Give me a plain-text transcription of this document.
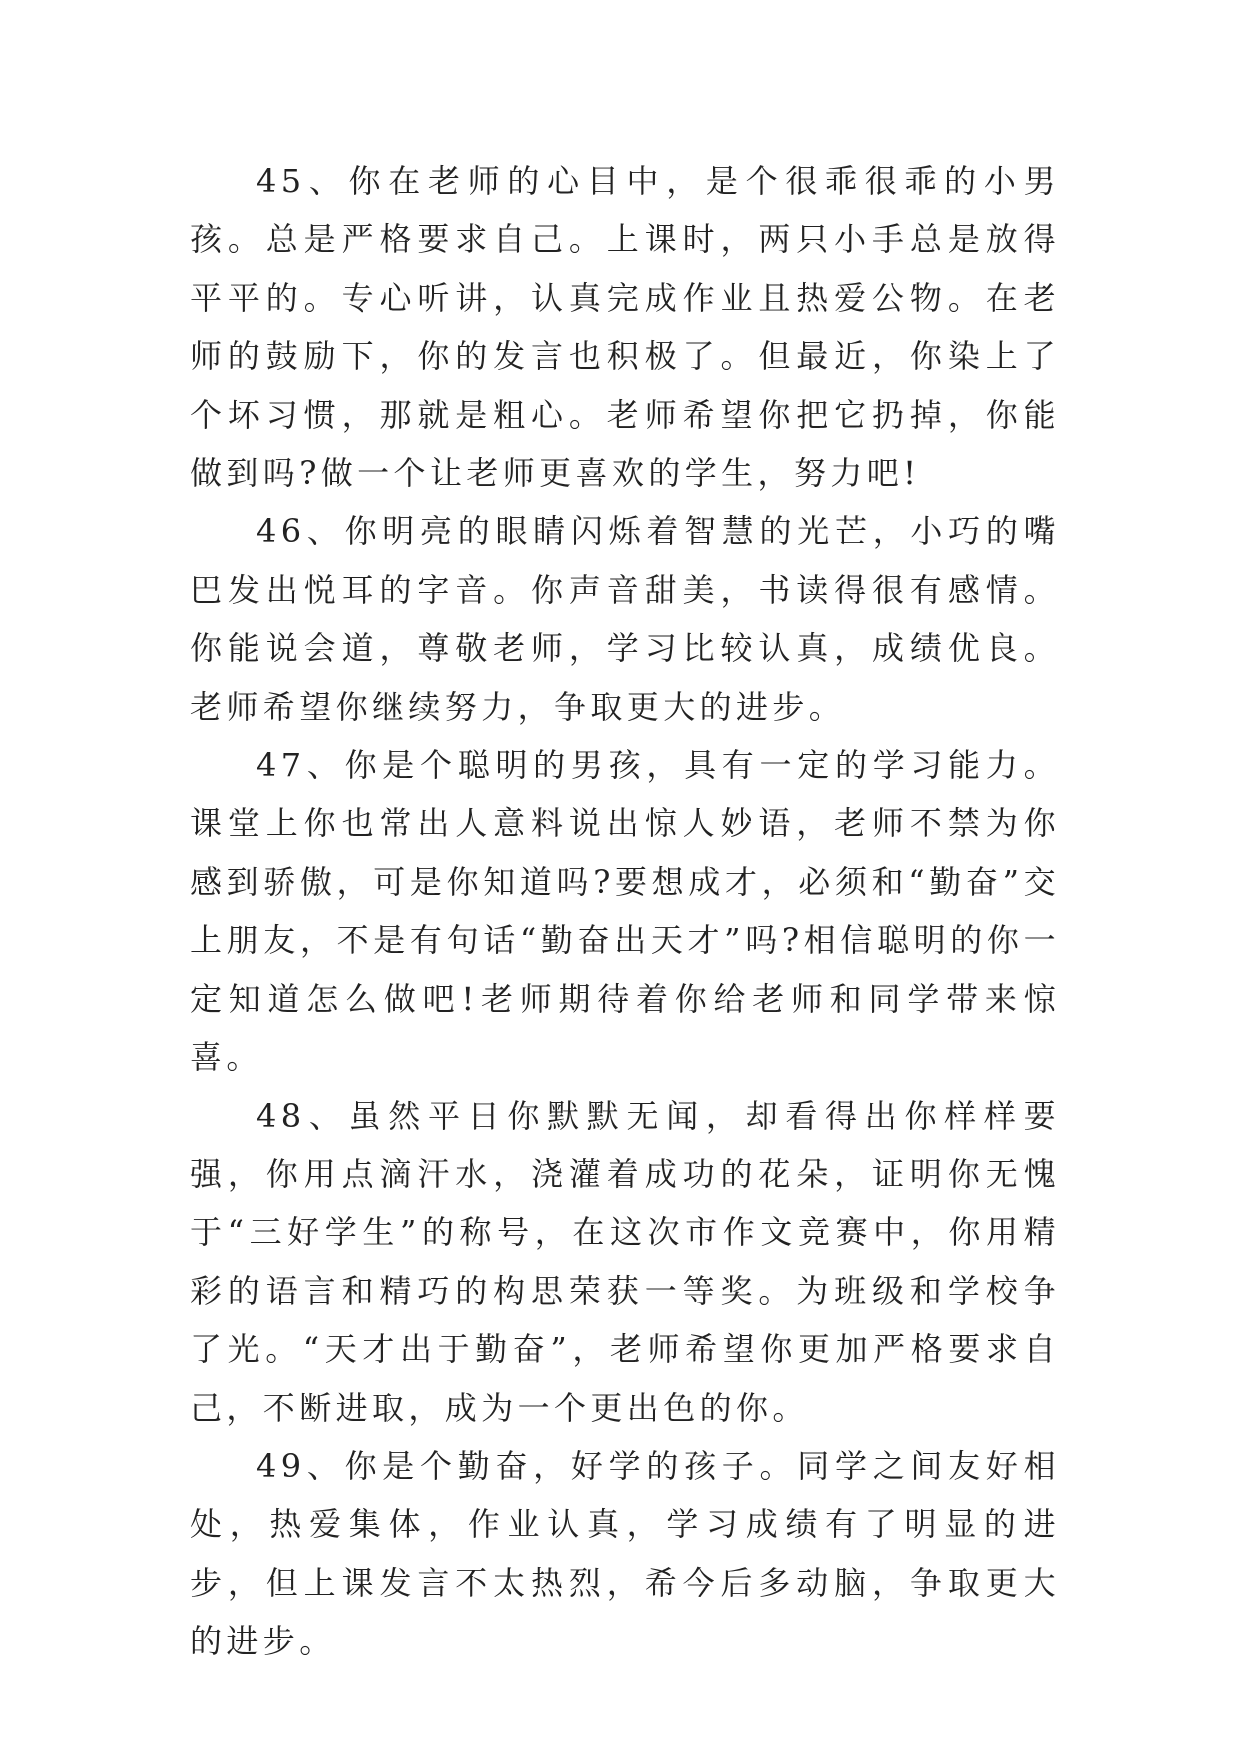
45、你在老师的心目中，是个很乖很乖的小男孩。总是严格要求自己。上课时，两只小手总是放得平平的。专心听讲，认真完成作业且热爱公物。在老师的鼓励下，你的发言也积极了。但最近，你染上了个坏习惯，那就是粗心。老师希望你把它扔掉，你能做到吗?做一个让老师更喜欢的学生，努力吧!

46、你明亮的眼睛闪烁着智慧的光芒，小巧的嘴巴发出悦耳的字音。你声音甜美，书读得很有感情。你能说会道，尊敬老师，学习比较认真，成绩优良。老师希望你继续努力，争取更大的进步。

47、你是个聪明的男孩，具有一定的学习能力。课堂上你也常出人意料说出惊人妙语，老师不禁为你感到骄傲，可是你知道吗?要想成才，必须和“勤奋”交上朋友，不是有句话“勤奋出天才”吗?相信聪明的你一定知道怎么做吧!老师期待着你给老师和同学带来惊喜。

48、虽然平日你默默无闻，却看得出你样样要强，你用点滴汗水，浇灌着成功的花朵，证明你无愧于“三好学生”的称号，在这次市作文竞赛中，你用精彩的语言和精巧的构思荣获一等奖。为班级和学校争了光。“天才出于勤奋”，老师希望你更加严格要求自己，不断进取，成为一个更出色的你。

49、你是个勤奋，好学的孩子。同学之间友好相处，热爱集体，作业认真，学习成绩有了明显的进步，但上课发言不太热烈，希今后多动脑，争取更大的进步。
